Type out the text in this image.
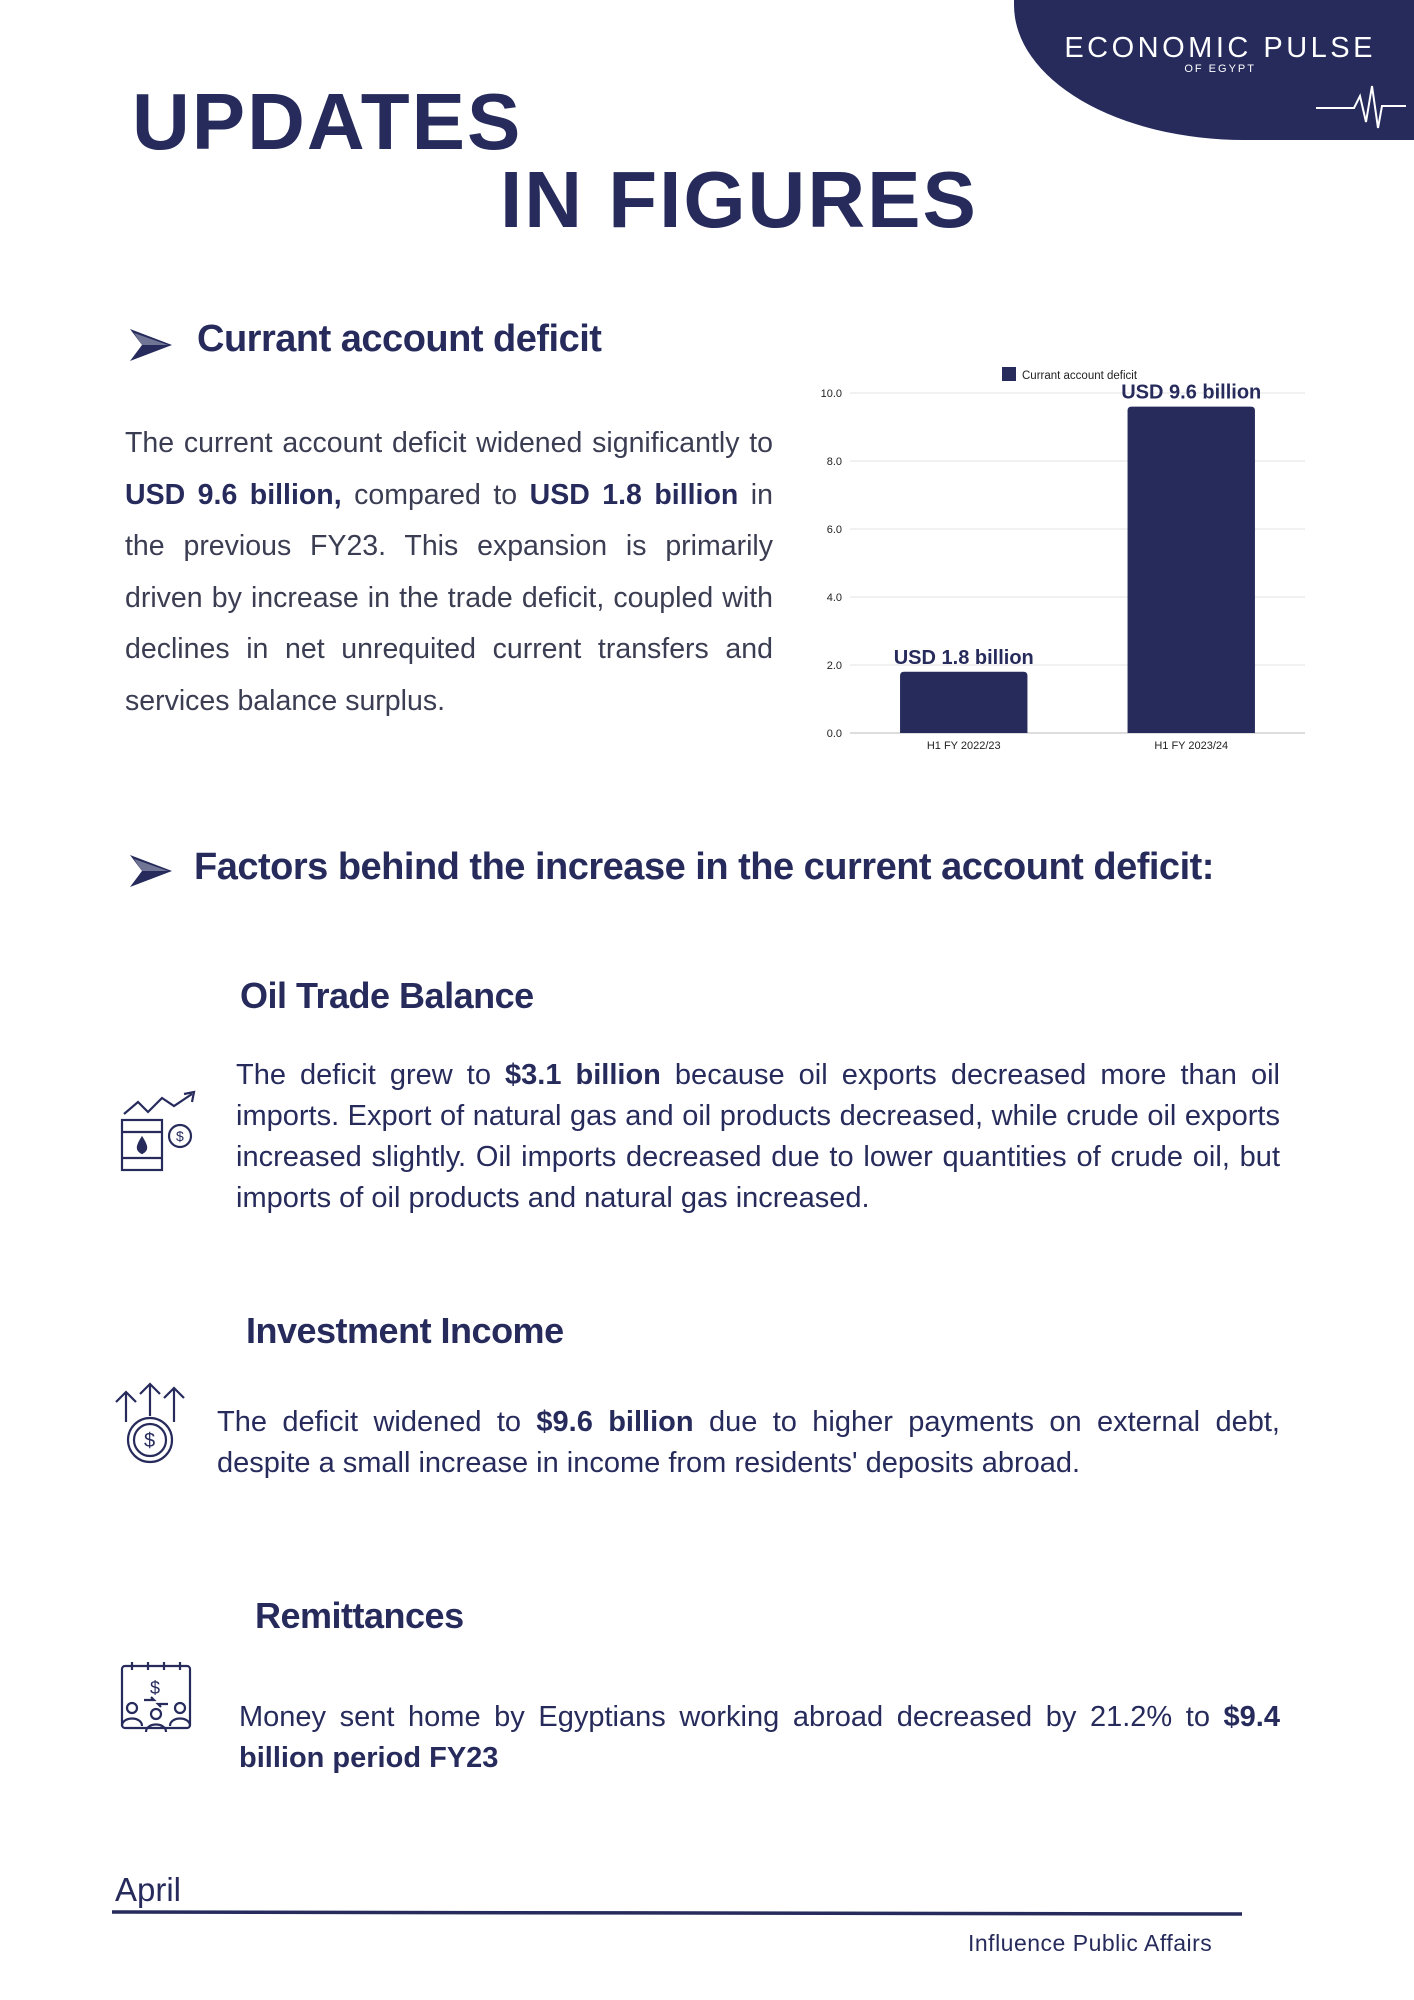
ECONOMIC PULSE
OF EGYPT
UPDATES
IN FIGURES
Currant account deficit
The current account deficit widened significantly to USD 9.6 billion, compared to USD 1.8 billion in the previous FY23. This expansion is primarily driven by increase in the trade deficit, coupled with declines in net unrequited current transfers and services balance surplus.
0.0
2.0
4.0
6.0
8.0
10.0
H1 FY 2022/23	H1 FY 2023/24
USD 1.8 billion
USD 9.6 billion
Currant account deficit
Factors behind the increase in the current account deficit:
Oil Trade Balance
$
The deficit grew to $3.1 billion because oil exports decreased more than oil imports. Export of natural gas and oil products decreased, while crude oil exports increased slightly. Oil imports decreased due to lower quantities of crude oil, but imports of oil products and natural gas increased.
Investment Income
$
The deficit widened to $9.6 billion due to higher payments on external debt, despite a small increase in income from residents' deposits abroad.
Remittances
$
Money sent home by Egyptians working abroad decreased by 21.2% to $9.4 billion period FY23
April
Influence Public Affairs
